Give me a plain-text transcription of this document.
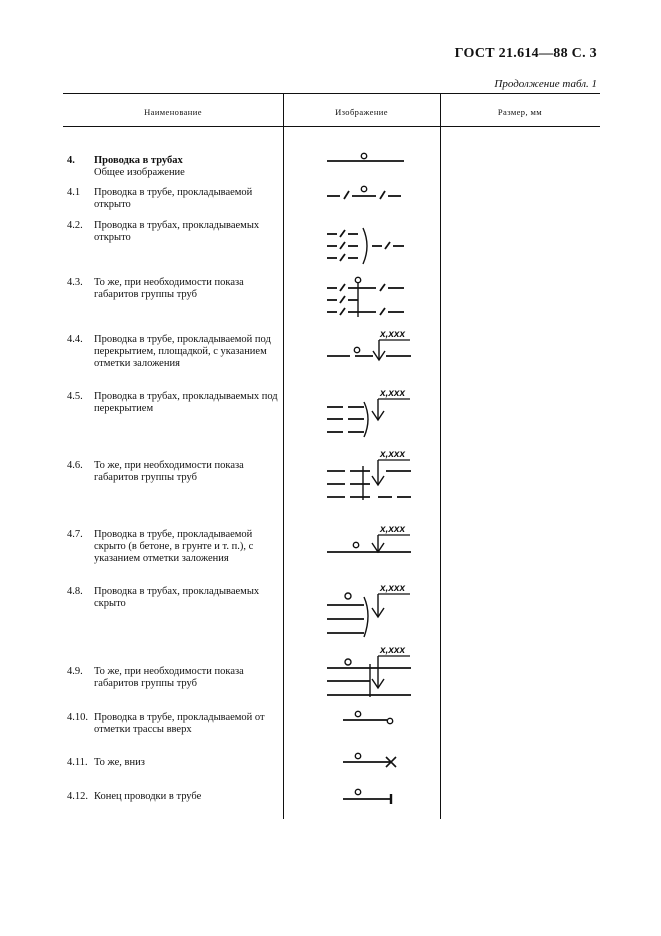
ГОСТ 21.614—88 С. 3
Продолжение табл. 1
Наименование	Изображение	Размер, мм
4. Проводка в трубах
Общее изображение
4.1 Проводка в трубе, прокладываемой открыто
4.2. Проводка в трубах, прокладываемых открыто
4.3. То же, при необходимости показа габаритов группы труб
4.4. Проводка в трубе, прокладываемой под перекрытием, площадкой, с указанием отметки заложения
4.5. Проводка в трубах, прокладываемых под перекрытием
4.6. То же, при необходимости показа габаритов группы труб
4.7. Проводка в трубе, прокладываемой скрыто (в бетоне, в грунте и т. п.), с указанием отметки заложения
4.8. Проводка в трубах, прокладываемых скрыто
4.9. То же, при необходимости показа габаритов группы труб
4.10. Проводка в трубе, прокладываемой от отметки трассы вверх
4.11. То же, вниз
4.12. Конец проводки в трубе
x,xxx
x,xxx
x,xxx
x,xxx
x,xxx
x,xxx
